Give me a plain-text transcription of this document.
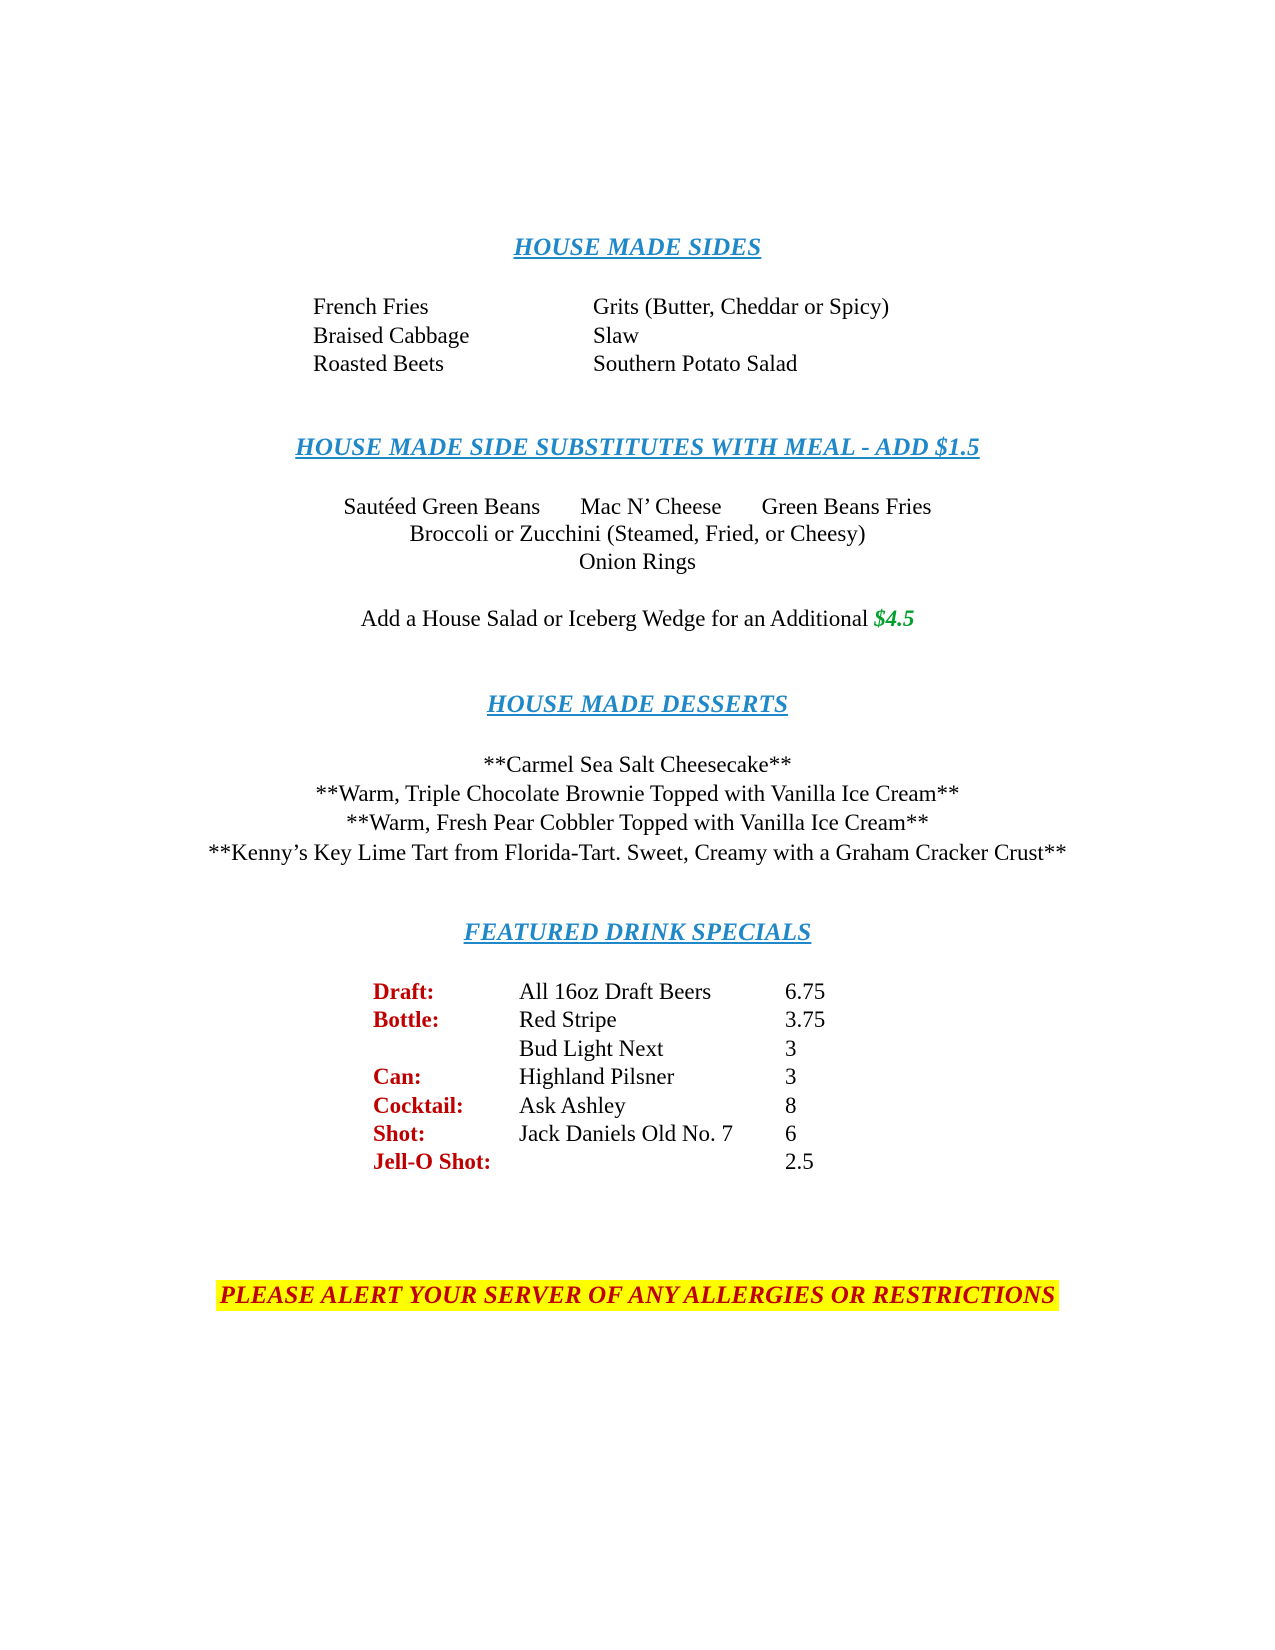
HOUSE MADE SIDES
French Fries	Grits (Butter, Cheddar or Spicy)
Braised Cabbage	Slaw
Roasted Beets	Southern Potato Salad
HOUSE MADE SIDE SUBSTITUTES WITH MEAL - ADD $1.5
Sautéed Green Beans Mac N’ Cheese Green Beans Fries
Broccoli or Zucchini (Steamed, Fried, or Cheesy)
Onion Rings
Add a House Salad or Iceberg Wedge for an Additional $4.5
HOUSE MADE DESSERTS
**Carmel Sea Salt Cheesecake**
**Warm, Triple Chocolate Brownie Topped with Vanilla Ice Cream**
**Warm, Fresh Pear Cobbler Topped with Vanilla Ice Cream**
**Kenny’s Key Lime Tart from Florida-Tart. Sweet, Creamy with a Graham Cracker Crust**
FEATURED DRINK SPECIALS
Draft:	All 16oz Draft Beers	6.75
Bottle:	Red Stripe	3.75
	Bud Light Next	3
Can:	Highland Pilsner	3
Cocktail:	Ask Ashley	8
Shot:	Jack Daniels Old No. 7	6
Jell-O Shot:		2.5
PLEASE ALERT YOUR SERVER OF ANY ALLERGIES OR RESTRICTIONS
